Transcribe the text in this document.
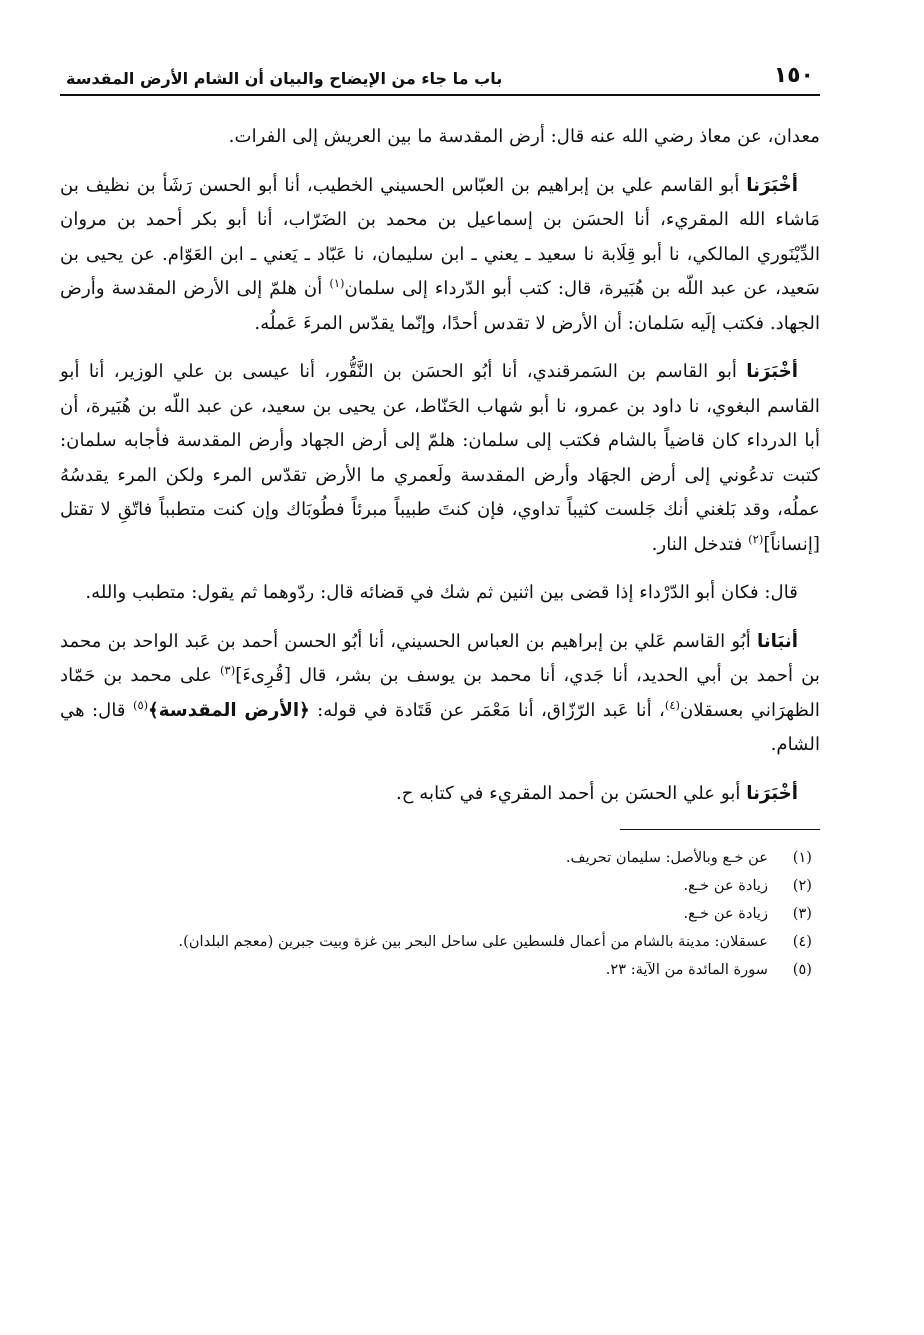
١٥٠
باب ما جاء من الإيضاح والبيان أن الشام الأرض المقدسة

معدان، عن معاذ رضي الله عنه قال: أرض المقدسة ما بين العريش إلى الفرات.

أخْبَرَنا أبو القاسم علي بن إبراهيم بن العبّاس الحسيني الخطيب، أنا أبو الحسن رَشَأ بن نظيف بن مَاشاء الله المقريء، أنا الحسَن بن إسماعيل بن محمد بن الضَرّاب، أنا أبو بكر أحمد بن مروان الدِّيْنَوري المالكي، نا أبو قِلَابة نا سعيد ـ يعني ـ ابن سليمان، نا عَبّاد ـ يَعني ـ ابن العَوّام. عن يحيى بن سَعيد، عن عبد اللّه بن هُبَيرة، قال: كتب أبو الدّرداء إلى سلمان$^{(١)}$ أن هلمّ إلى الأرض المقدسة وأرض الجهاد. فكتب إلَيه سَلمان: أن الأرض لا تقدس أحدًا، وإنّما يقدّس المرءَ عَملُه.

أخْبَرَنا أبو القاسم بن السَمرقندي، أنا أبُو الحسَن بن النَّقُّور، أنا عيسى بن علي الوزير، أنا أبو القاسم البغوي، نا داود بن عمرو، نا أبو شهاب الحَنّاط، عن يحيى بن سعيد، عن عبد اللّه بن هُبَيرة، أن أبا الدرداء كان قاضياً بالشام فكتب إلى سلمان: هلمّ إلى أرض الجهاد وأرض المقدسة فأجابه سلمان: كتبت تدعُوني إلى أرض الجهَاد وأرض المقدسة ولَعمري ما الأرض تقدّس المرء ولكن المرء يقدسُهُ عملُه، وقد بَلغني أنك جَلست كثيباً تداوي، فإن كنتَ طبيباً مبرئاً فطُوبَاك وإن كنت متطبباً فاتّقِ لا تقتل [إنساناً]$^{(٢)}$ فتدخل النار.

قال: فكان أبو الدّرْداء إذا قضى بين اثنين ثم شك في قضائه قال: ردّوهما ثم يقول: متطبب والله.

أنبَانا أبُو القاسم عَلي بن إبراهيم بن العباس الحسيني، أنا أبُو الحسن أحمد بن عَبد الواحد بن محمد بن أحمد بن أبي الحديد، أنا جَدي، أنا محمد بن يوسف بن بشر، قال [قُرِىءَ]$^{(٣)}$ على محمد بن حَمّاد الظهرَاني بعسقلان$^{(٤)}$، أنا عَبد الرّزّاق، أنا مَعْمَر عن قَتَادة في قوله: ﴿الأرض المقدسة﴾$^{(٥)}$ قال: هي الشام.

أخْبَرَنا أبو علي الحسَن بن أحمد المقريء في كتابه ح.

(١)
عن خـع وبالأصل: سليمان تحريف.
(٢)
زيادة عن خـع.
(٣)
زيادة عن خـع.
(٤)
عسقلان: مدينة بالشام من أعمال فلسطين على ساحل البحر بين غزة وبيت جبرين (معجم البلدان).
(٥)
سورة المائدة من الآية: ٢٣.
